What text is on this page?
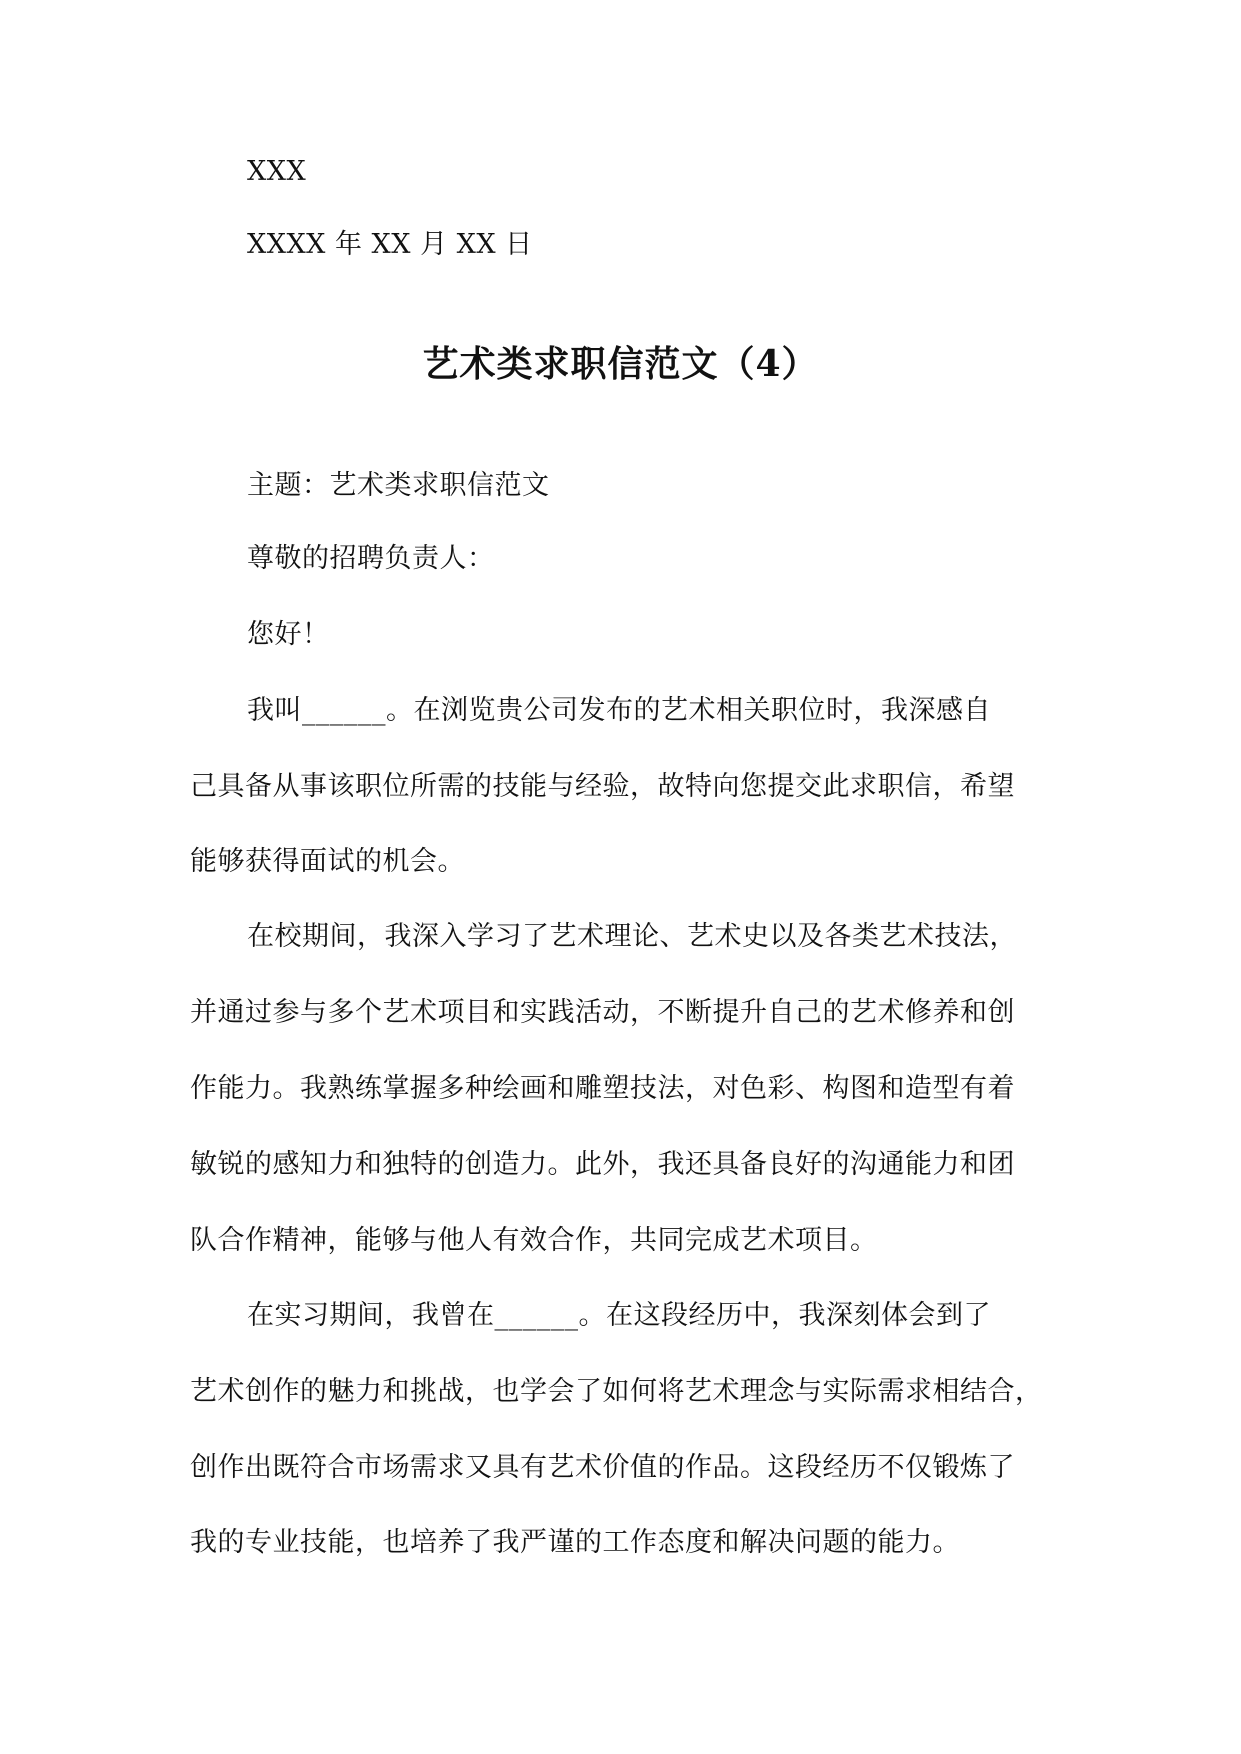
XXX
XXXX 年 XX 月 XX 日
艺术类求职信范文（4）
主题：艺术类求职信范文
尊敬的招聘负责人：
您好！
我叫______。在浏览贵公司发布的艺术相关职位时，我深感自
己具备从事该职位所需的技能与经验，故特向您提交此求职信，希望
能够获得面试的机会。
在校期间，我深入学习了艺术理论、艺术史以及各类艺术技法，
并通过参与多个艺术项目和实践活动，不断提升自己的艺术修养和创
作能力。我熟练掌握多种绘画和雕塑技法，对色彩、构图和造型有着
敏锐的感知力和独特的创造力。此外，我还具备良好的沟通能力和团
队合作精神，能够与他人有效合作，共同完成艺术项目。
在实习期间，我曾在______。在这段经历中，我深刻体会到了
艺术创作的魅力和挑战，也学会了如何将艺术理念与实际需求相结合，
创作出既符合市场需求又具有艺术价值的作品。这段经历不仅锻炼了
我的专业技能，也培养了我严谨的工作态度和解决问题的能力。
